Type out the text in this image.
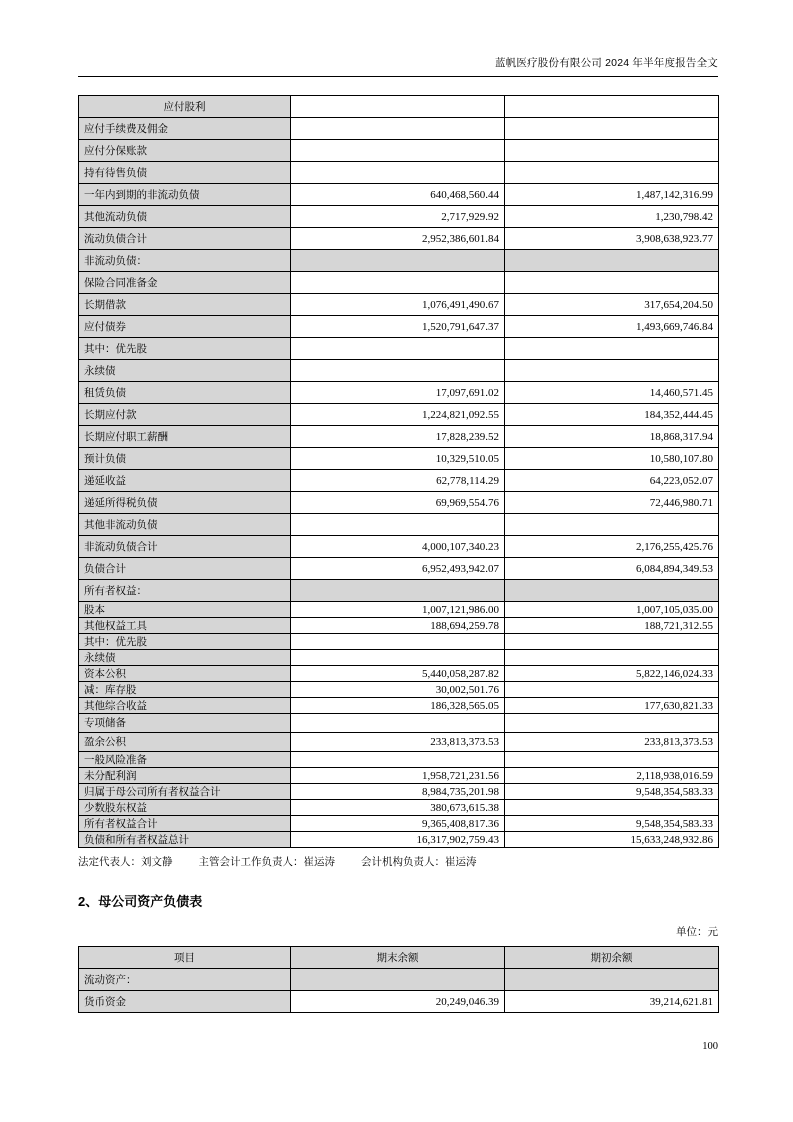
蓝帆医疗股份有限公司 2024 年半年度报告全文
应付股利		
应付手续费及佣金		
应付分保账款		
持有待售负债		
一年内到期的非流动负债	640,468,560.44	1,487,142,316.99
其他流动负债	2,717,929.92	1,230,798.42
流动负债合计	2,952,386,601.84	3,908,638,923.77
非流动负债：		
保险合同准备金		
长期借款	1,076,491,490.67	317,654,204.50
应付债券	1,520,791,647.37	1,493,669,746.84
其中：优先股		
永续债		
租赁负债	17,097,691.02	14,460,571.45
长期应付款	1,224,821,092.55	184,352,444.45
长期应付职工薪酬	17,828,239.52	18,868,317.94
预计负债	10,329,510.05	10,580,107.80
递延收益	62,778,114.29	64,223,052.07
递延所得税负债	69,969,554.76	72,446,980.71
其他非流动负债		
非流动负债合计	4,000,107,340.23	2,176,255,425.76
负债合计	6,952,493,942.07	6,084,894,349.53
所有者权益：		
股本	1,007,121,986.00	1,007,105,035.00
其他权益工具	188,694,259.78	188,721,312.55
其中：优先股		
永续债		
资本公积	5,440,058,287.82	5,822,146,024.33
减：库存股	30,002,501.76	
其他综合收益	186,328,565.05	177,630,821.33
专项储备		
盈余公积	233,813,373.53	233,813,373.53
一般风险准备		
未分配利润	1,958,721,231.56	2,118,938,016.59
归属于母公司所有者权益合计	8,984,735,201.98	9,548,354,583.33
少数股东权益	380,673,615.38	
所有者权益合计	9,365,408,817.36	9,548,354,583.33
负债和所有者权益总计	16,317,902,759.43	15,633,248,932.86
法定代表人：刘文静 主管会计工作负责人：崔运涛 会计机构负责人：崔运涛
2、母公司资产负债表
单位：元
项目	期末余额	期初余额
流动资产：		
货币资金	20,249,046.39	39,214,621.81
100
